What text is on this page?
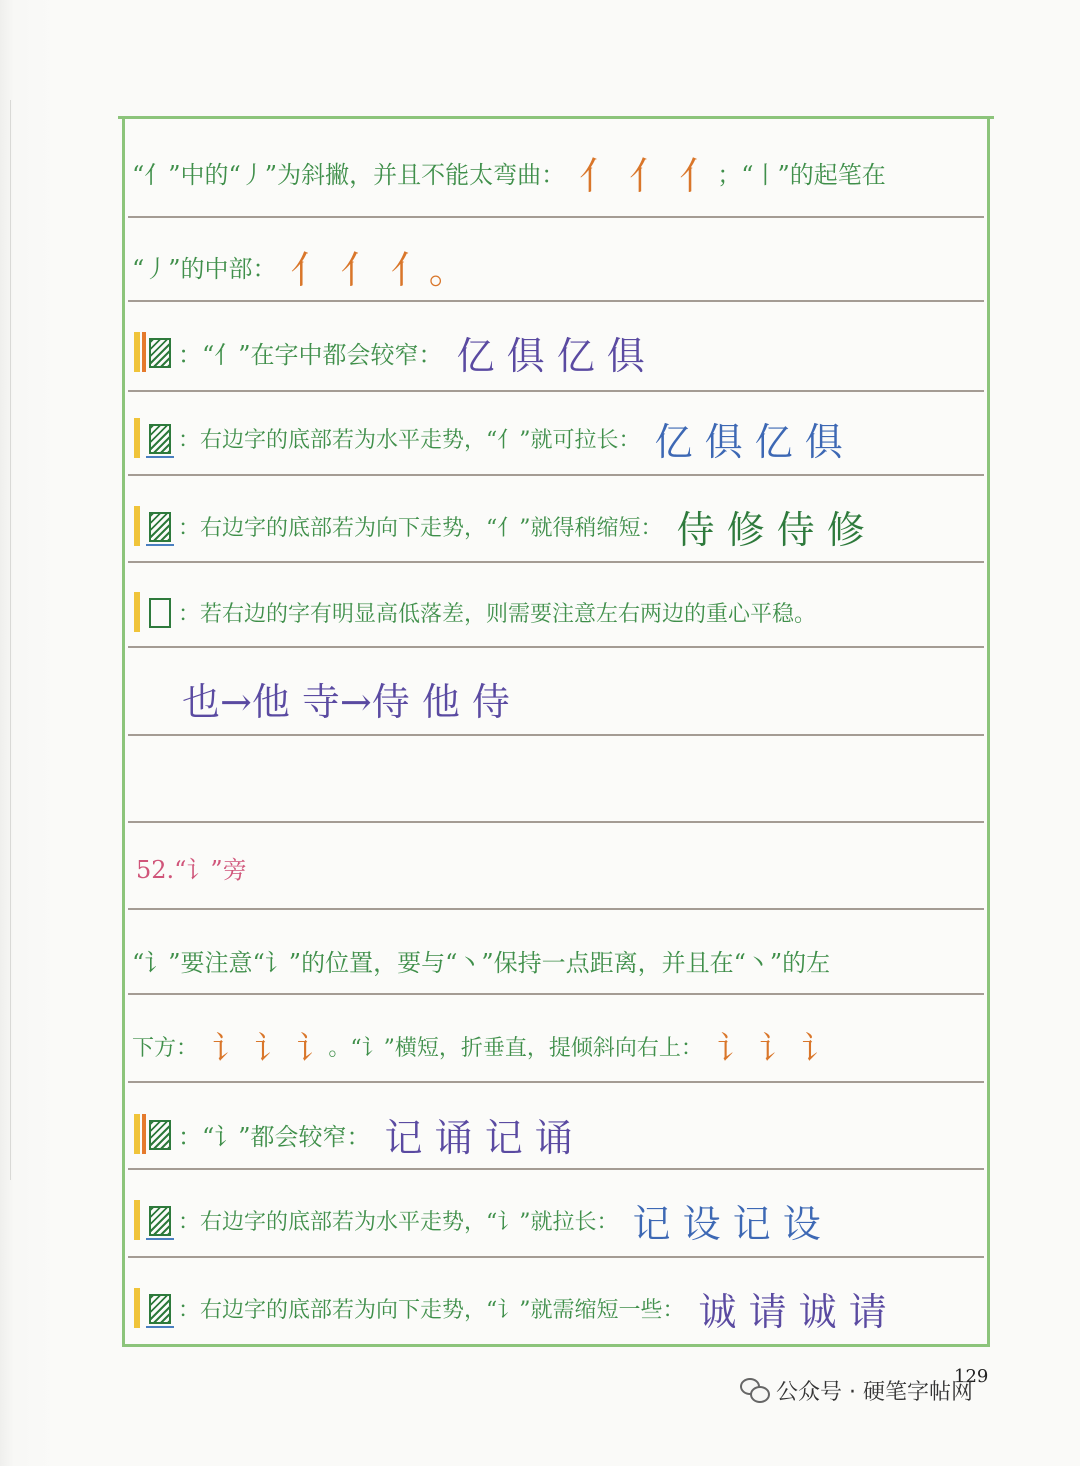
“亻”中的“丿”为斜撇，并且不能太弯曲： 亻 亻 亻 ；“丨”的起笔在
“丿”的中部： 亻 亻 亻。
：“亻”在字中都会较窄： 亿 俱 亿 俱
：右边字的底部若为水平走势，“亻”就可拉长： 亿 俱 亿 俱
：右边字的底部若为向下走势，“亻”就得稍缩短： 侍 修 侍 修
：若右边的字有明显高低落差，则需要注意左右两边的重心平稳。
也→他 寺→侍 他 侍
52.“讠”旁
“讠”要注意“讠”的位置，要与“丶”保持一点距离，并且在“丶”的左
下方： 讠 讠 讠 。“讠”横短，折垂直，提倾斜向右上： 讠 讠 讠
：“讠”都会较窄： 记 诵 记 诵
：右边字的底部若为水平走势，“讠”就拉长： 记 设 记 设
：右边字的底部若为向下走势，“讠”就需缩短一些： 诚 请 诚 请
129
公众号 · 硬笔字帖网
